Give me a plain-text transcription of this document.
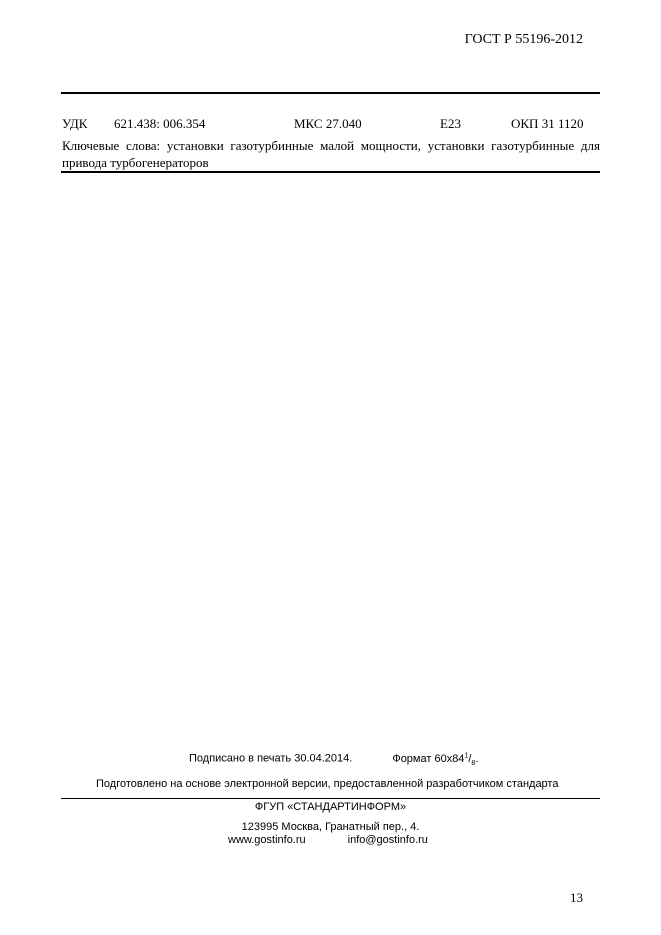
ГОСТ Р 55196-2012
УДК 621.438: 006.354	МКС 27.040	Е23	ОКП 31 1120
Ключевые слова: установки газотурбинные малой мощности, установки газотурбинные для привода турбогенераторов
Подписано в печать 30.04.2014.	Формат $60x84^1/_8$.
Подготовлено на основе электронной версии, предоставленной разработчиком стандарта
ФГУП «СТАНДАРТИНФОРМ»
123995 Москва, Гранатный пер., 4.
www.gostinfo.ru	info@gostinfo.ru
13
